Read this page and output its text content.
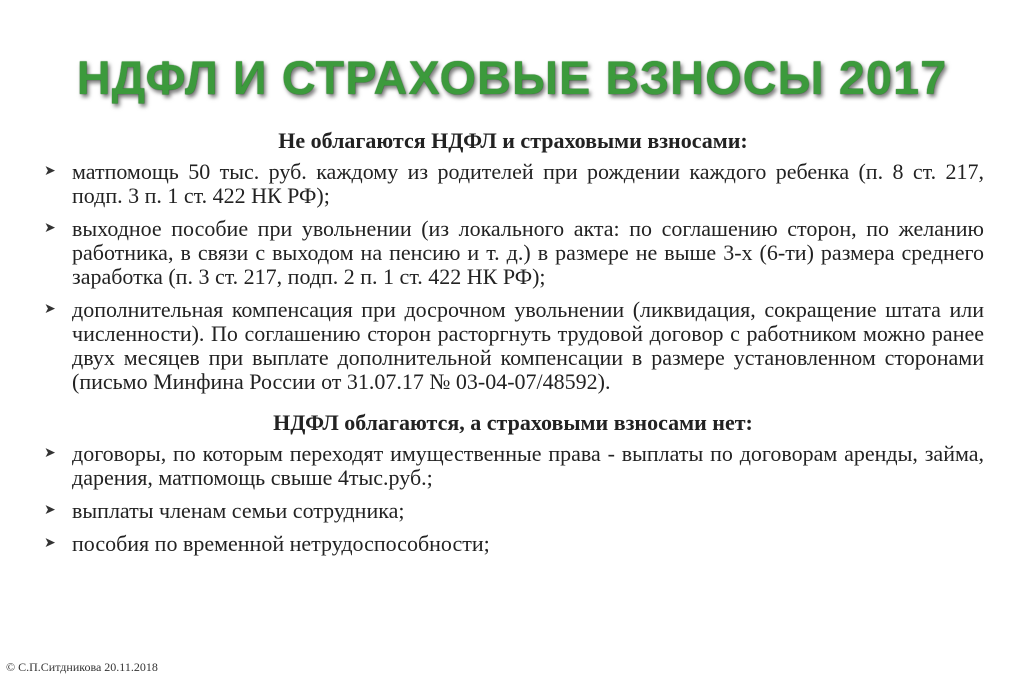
НДФЛ И СТРАХОВЫЕ ВЗНОСЫ 2017
Не облагаются НДФЛ и страховыми взносами:
➤ матпомощь 50 тыс. руб. каждому из родителей при рождении каждого ребенка (п. 8 ст. 217, подп. 3 п. 1 ст. 422 НК РФ);
➤ выходное пособие при увольнении (из локального акта: по соглашению сторон, по желанию работника, в связи с выходом на пенсию и т. д.) в размере не выше 3-х (6-ти) размера среднего заработка (п. 3 ст. 217, подп. 2 п. 1 ст. 422 НК РФ);
➤ дополнительная компенсация при досрочном увольнении (ликвидация, сокращение штата или численности). По соглашению сторон расторгнуть трудовой договор с работником можно ранее двух месяцев при выплате дополнительной компенсации в размере установленном сторонами (письмо Минфина России от 31.07.17 № 03-04-07/48592).
НДФЛ облагаются, а страховыми взносами нет:
➤ договоры, по которым переходят имущественные права - выплаты по договорам аренды, займа, дарения, матпомощь свыше 4тыс.руб.;
➤ выплаты членам семьи сотрудника;
➤ пособия по временной нетрудоспособности;
© С.П.Ситдникова 20.11.2018
